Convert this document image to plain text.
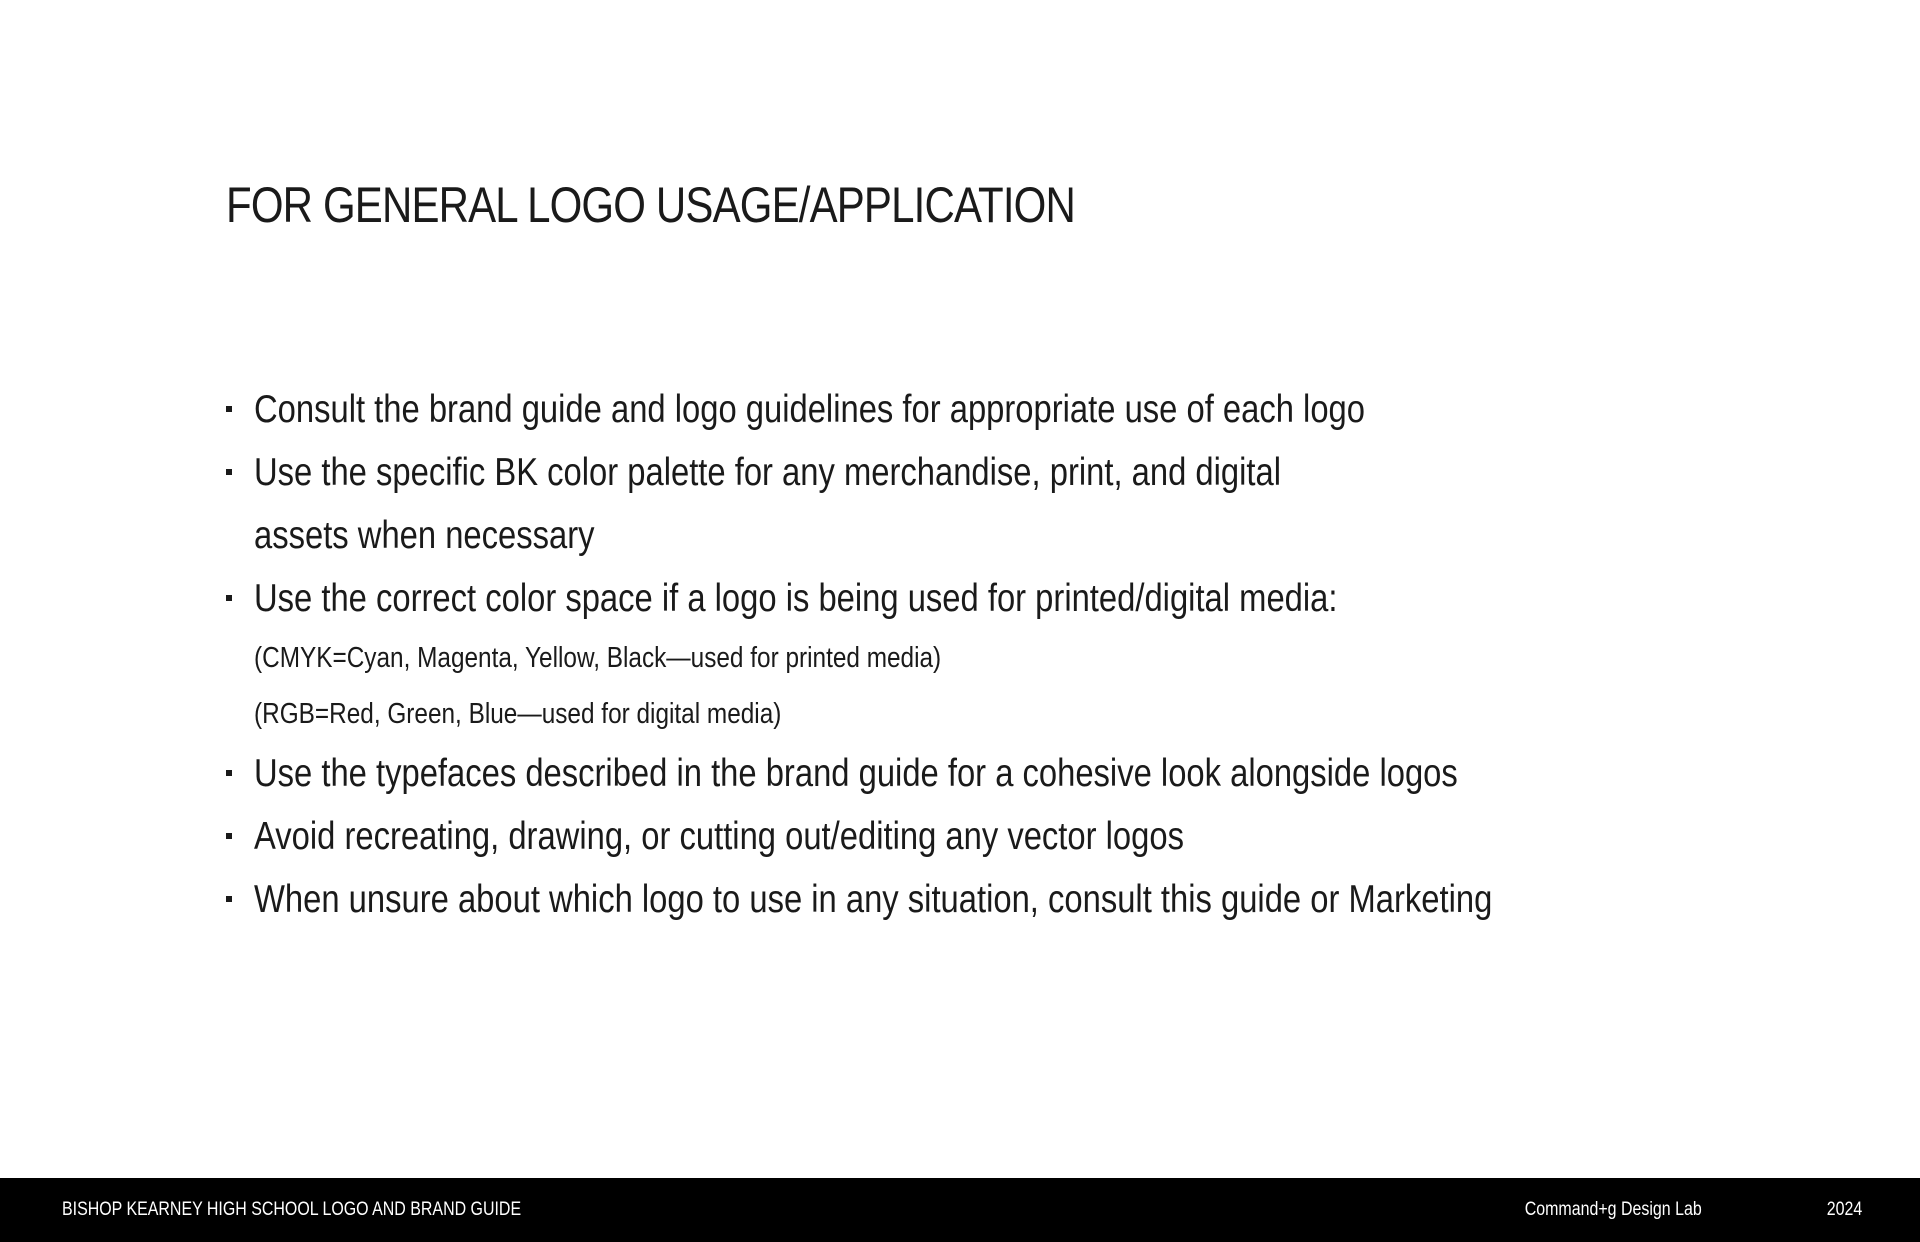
FOR GENERAL LOGO USAGE/APPLICATION
Consult the brand guide and logo guidelines for appropriate use of each logo
Use the specific BK color palette for any merchandise, print, and digital
assets when necessary
Use the correct color space if a logo is being used for printed/digital media:
(CMYK=Cyan, Magenta, Yellow, Black—used for printed media)
(RGB=Red, Green, Blue—used for digital media)
Use the typefaces described in the brand guide for a cohesive look alongside logos
Avoid recreating, drawing, or cutting out/editing any vector logos
When unsure about which logo to use in any situation, consult this guide or Marketing
BISHOP KEARNEY HIGH SCHOOL LOGO AND BRAND GUIDE	Command+g Design Lab	2024
